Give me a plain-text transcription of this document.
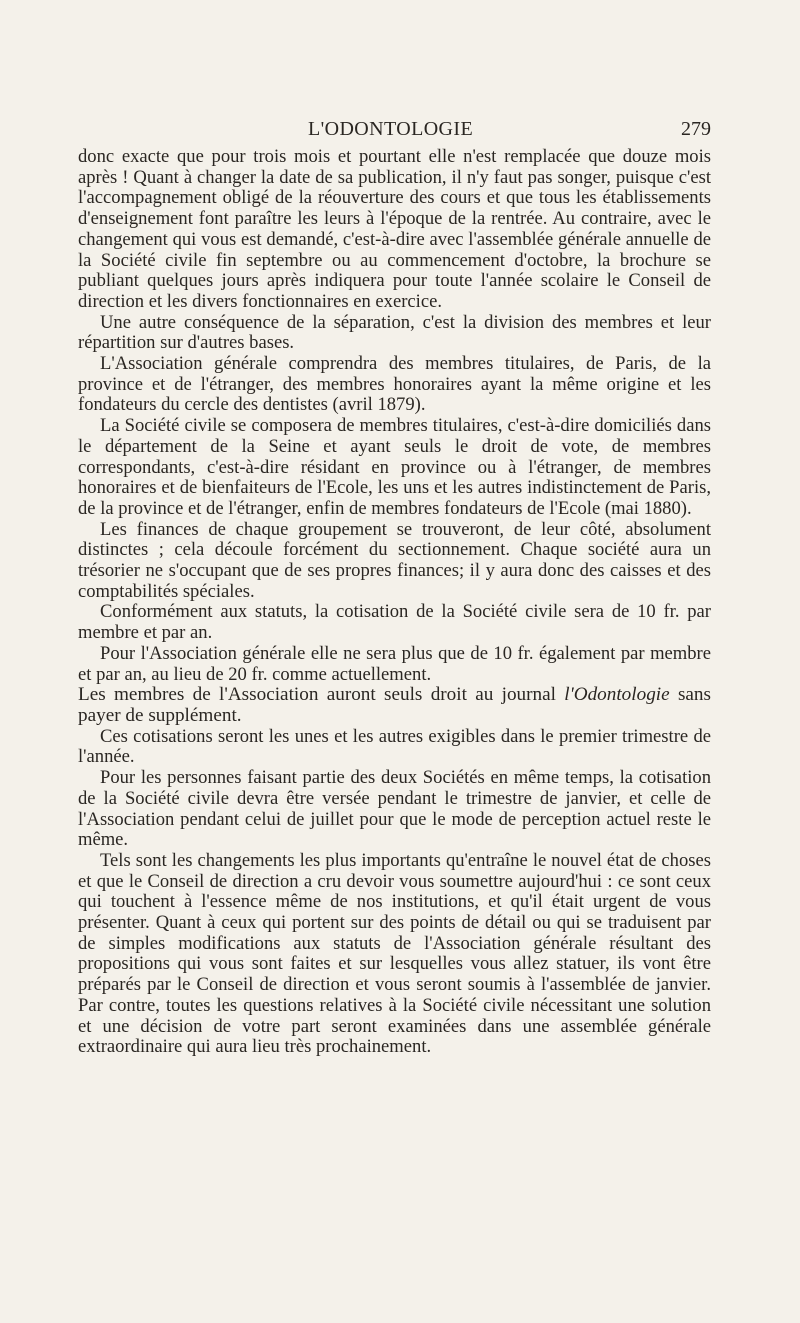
L'ODONTOLOGIE	279

donc exacte que pour trois mois et pourtant elle n'est remplacée que douze mois après ! Quant à changer la date de sa publication, il n'y faut pas songer, puisque c'est l'accompagnement obligé de la réouverture des cours et que tous les établissements d'enseignement font paraître les leurs à l'époque de la rentrée. Au contraire, avec le changement qui vous est demandé, c'est-à-dire avec l'assemblée générale annuelle de la Société civile fin septembre ou au commencement d'octobre, la brochure se publiant quelques jours après indiquera pour toute l'année scolaire le Conseil de direction et les divers fonctionnaires en exercice.

Une autre conséquence de la séparation, c'est la division des membres et leur répartition sur d'autres bases.

L'Association générale comprendra des membres titulaires, de Paris, de la province et de l'étranger, des membres honoraires ayant la même origine et les fondateurs du cercle des dentistes (avril 1879).

La Société civile se composera de membres titulaires, c'est-à-dire domiciliés dans le département de la Seine et ayant seuls le droit de vote, de membres correspondants, c'est-à-dire résidant en province ou à l'étranger, de membres honoraires et de bienfaiteurs de l'Ecole, les uns et les autres indistinctement de Paris, de la province et de l'étranger, enfin de membres fondateurs de l'Ecole (mai 1880).

Les finances de chaque groupement se trouveront, de leur côté, absolument distinctes ; cela découle forcément du sectionnement. Chaque société aura un trésorier ne s'occupant que de ses propres finances; il y aura donc des caisses et des comptabilités spéciales.

Conformément aux statuts, la cotisation de la Société civile sera de 10 fr. par membre et par an.

Pour l'Association générale elle ne sera plus que de 10 fr. également par membre et par an, au lieu de 20 fr. comme actuellement.

Les membres de l'Association auront seuls droit au journal l'Odontologie sans payer de supplément.

Ces cotisations seront les unes et les autres exigibles dans le premier trimestre de l'année.

Pour les personnes faisant partie des deux Sociétés en même temps, la cotisation de la Société civile devra être versée pendant le trimestre de janvier, et celle de l'Association pendant celui de juillet pour que le mode de perception actuel reste le même.

Tels sont les changements les plus importants qu'entraîne le nouvel état de choses et que le Conseil de direction a cru devoir vous soumettre aujourd'hui : ce sont ceux qui touchent à l'essence même de nos institutions, et qu'il était urgent de vous présenter. Quant à ceux qui portent sur des points de détail ou qui se traduisent par de simples modifications aux statuts de l'Association générale résultant des propositions qui vous sont faites et sur lesquelles vous allez statuer, ils vont être préparés par le Conseil de direction et vous seront soumis à l'assemblée de janvier. Par contre, toutes les questions relatives à la Société civile nécessitant une solution et une décision de votre part seront examinées dans une assemblée générale extraordinaire qui aura lieu très prochainement.
